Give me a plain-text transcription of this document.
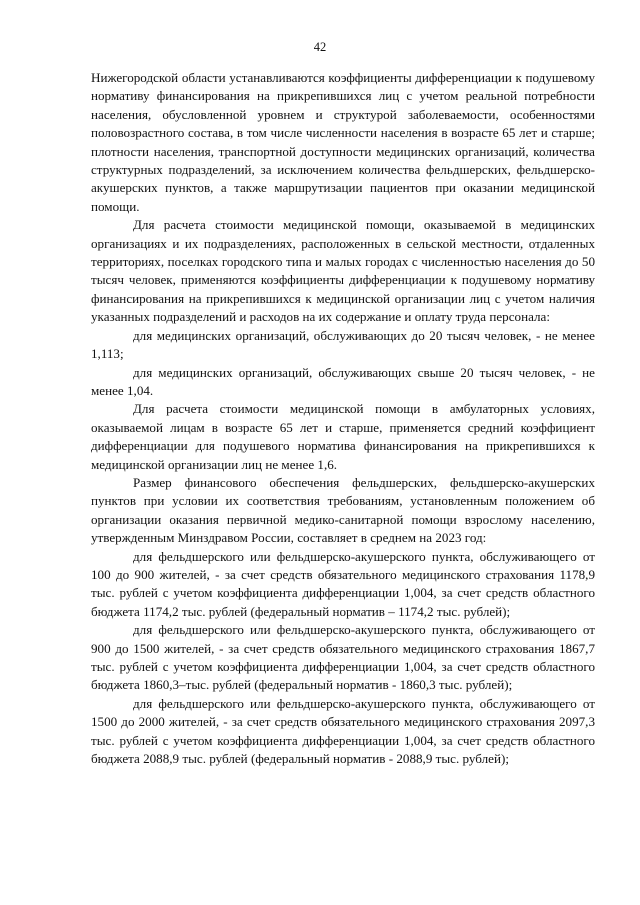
42

Нижегородской области устанавливаются коэффициенты дифференциации к подушевому нормативу финансирования на прикрепившихся лиц с учетом реальной потребности населения, обусловленной уровнем и структурой заболеваемости, особенностями половозрастного состава, в том числе численности населения в возрасте 65 лет и старше; плотности населения, транспортной доступности медицинских организаций, количества структурных подразделений, за исключением количества фельдшерских, фельдшерско-акушерских пунктов, а также маршрутизации пациентов при оказании медицинской помощи.

Для расчета стоимости медицинской помощи, оказываемой в медицинских организациях и их подразделениях, расположенных в сельской местности, отдаленных территориях, поселках городского типа и малых городах с численностью населения до 50 тысяч человек, применяются коэффициенты дифференциации к подушевому нормативу финансирования на прикрепившихся к медицинской организации лиц с учетом наличия указанных подразделений и расходов на их содержание и оплату труда персонала:

для медицинских организаций, обслуживающих до 20 тысяч человек, - не менее 1,113;

для медицинских организаций, обслуживающих свыше 20 тысяч человек, - не менее 1,04.

Для расчета стоимости медицинской помощи в амбулаторных условиях, оказываемой лицам в возрасте 65 лет и старше, применяется средний коэффициент дифференциации для подушевого норматива финансирования на прикрепившихся к медицинской организации лиц не менее 1,6.

Размер финансового обеспечения фельдшерских, фельдшерско-акушерских пунктов при условии их соответствия требованиям, установленным положением об организации оказания первичной медико-санитарной помощи взрослому населению, утвержденным Минздравом России, составляет в среднем на 2023 год:

для фельдшерского или фельдшерско-акушерского пункта, обслуживающего от 100 до 900 жителей, - за счет средств обязательного медицинского страхования 1178,9 тыс. рублей с учетом коэффициента дифференциации 1,004, за счет средств областного бюджета 1174,2 тыс. рублей (федеральный норматив – 1174,2 тыс. рублей);

для фельдшерского или фельдшерско-акушерского пункта, обслуживающего от 900 до 1500 жителей, - за счет средств обязательного медицинского страхования 1867,7 тыс. рублей с учетом коэффициента дифференциации 1,004, за счет средств областного бюджета 1860,3–тыс. рублей (федеральный норматив - 1860,3 тыс. рублей);

для фельдшерского или фельдшерско-акушерского пункта, обслуживающего от 1500 до 2000 жителей, - за счет средств обязательного медицинского страхования 2097,3 тыс. рублей с учетом коэффициента дифференциации 1,004, за счет средств областного бюджета 2088,9 тыс. рублей (федеральный норматив - 2088,9 тыс. рублей);
